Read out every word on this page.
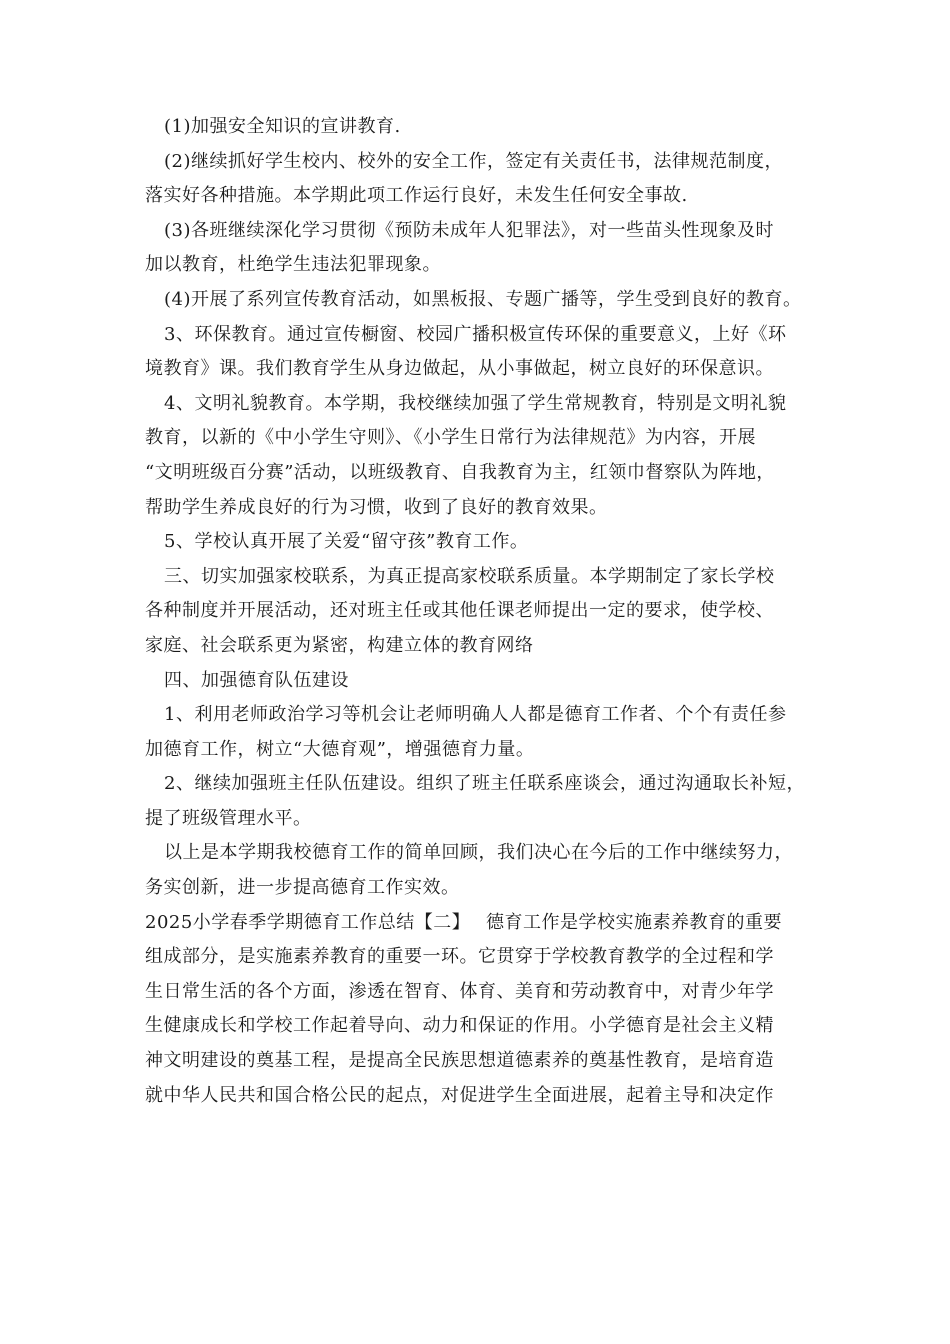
(1)加强安全知识的宣讲教育.
(2)继续抓好学生校内、校外的安全工作，签定有关责任书，法律规范制度，
落实好各种措施。本学期此项工作运行良好，未发生任何安全事故.
(3)各班继续深化学习贯彻《预防未成年人犯罪法》，对一些苗头性现象及时
加以教育，杜绝学生违法犯罪现象。
(4)开展了系列宣传教育活动，如黑板报、专题广播等，学生受到良好的教育。
3、环保教育。通过宣传橱窗、校园广播积极宣传环保的重要意义，上好《环
境教育》课。我们教育学生从身边做起，从小事做起，树立良好的环保意识。
4、文明礼貌教育。本学期，我校继续加强了学生常规教育，特别是文明礼貌
教育，以新的《中小学生守则》、《小学生日常行为法律规范》为内容，开展
“文明班级百分赛”活动，以班级教育、自我教育为主，红领巾督察队为阵地，
帮助学生养成良好的行为习惯，收到了良好的教育效果。
5、学校认真开展了关爱“留守孩”教育工作。
三、切实加强家校联系，为真正提高家校联系质量。本学期制定了家长学校
各种制度并开展活动，还对班主任或其他任课老师提出一定的要求，使学校、
家庭、社会联系更为紧密，构建立体的教育网络
四、加强德育队伍建设
1、利用老师政治学习等机会让老师明确人人都是德育工作者、个个有责任参
加德育工作，树立“大德育观”，增强德育力量。
2、继续加强班主任队伍建设。组织了班主任联系座谈会，通过沟通取长补短，
提了班级管理水平。
以上是本学期我校德育工作的简单回顾，我们决心在今后的工作中继续努力，
务实创新，进一步提高德育工作实效。
2025小学春季学期德育工作总结【二】　 德育工作是学校实施素养教育的重要
组成部分，是实施素养教育的重要一环。它贯穿于学校教育教学的全过程和学
生日常生活的各个方面，渗透在智育、体育、美育和劳动教育中，对青少年学
生健康成长和学校工作起着导向、动力和保证的作用。小学德育是社会主义精
神文明建设的奠基工程，是提高全民族思想道德素养的奠基性教育，是培育造
就中华人民共和国合格公民的起点，对促进学生全面进展，起着主导和决定作
